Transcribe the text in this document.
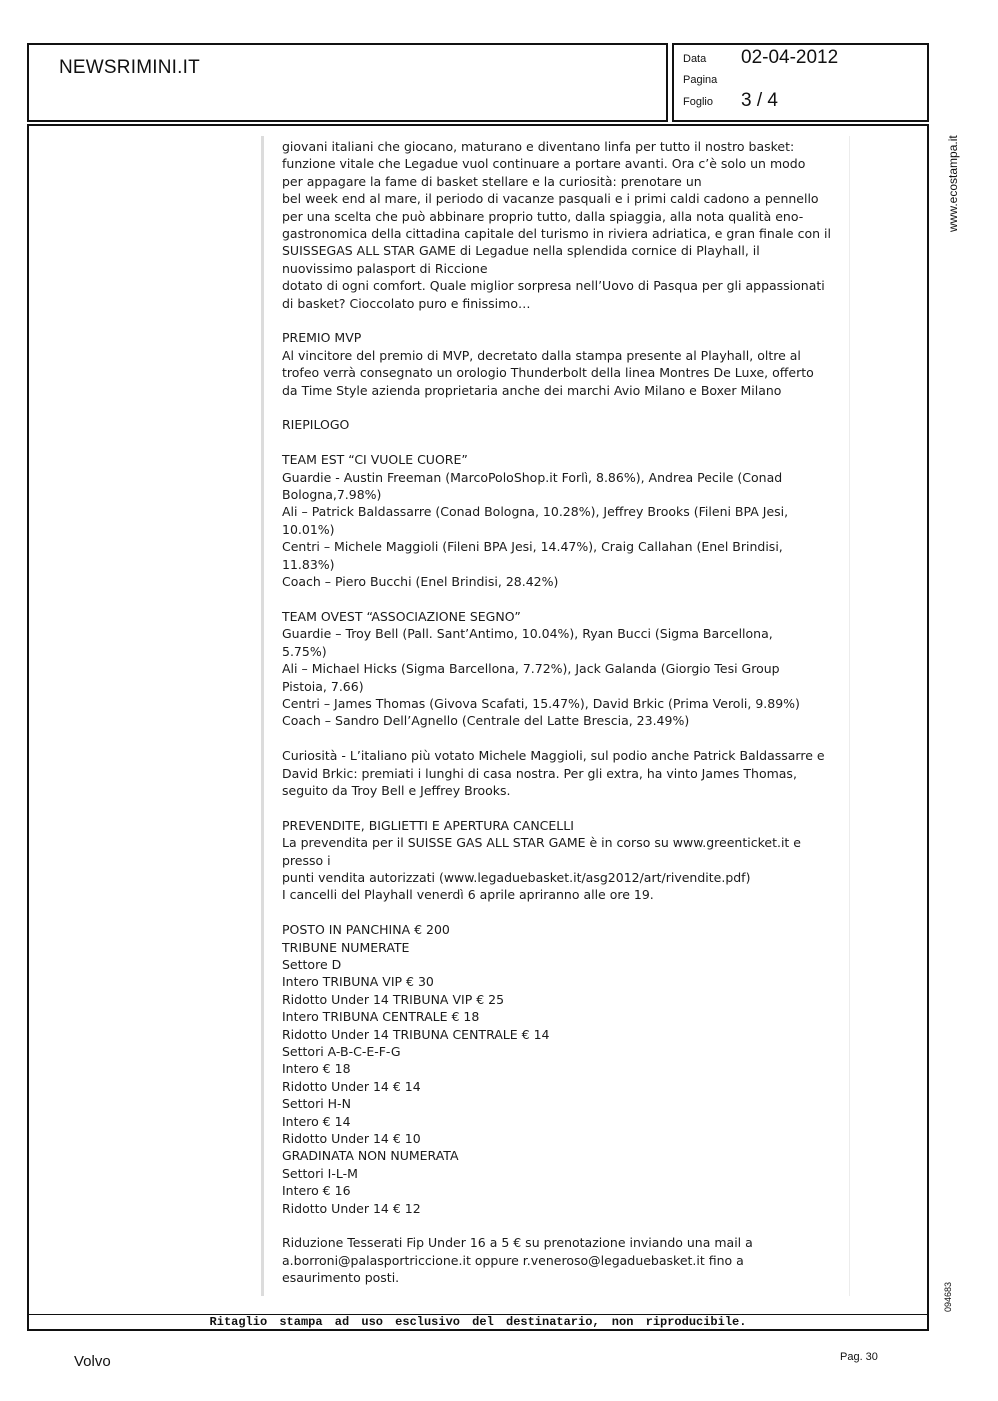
NEWSRIMINI.IT	Data 02-04-2012
Pagina
Foglio 3 / 4
Ritaglio stampa ad uso esclusivo del destinatario, non riproducibile.

giovani italiani che giocano, maturano e diventano linfa per tutto il nostro basket:
funzione vitale che Legadue vuol continuare a portare avanti. Ora c’è solo un modo
per appagare la fame di basket stellare e la curiosità: prenotare un
bel week end al mare, il periodo di vacanze pasquali e i primi caldi cadono a pennello
per una scelta che può abbinare proprio tutto, dalla spiaggia, alla nota qualità eno-
gastronomica della cittadina capitale del turismo in riviera adriatica, e gran finale con il
SUISSEGAS ALL STAR GAME di Legadue nella splendida cornice di Playhall, il
nuovissimo palasport di Riccione
dotato di ogni comfort. Quale miglior sorpresa nell’Uovo di Pasqua per gli appassionati
di basket? Cioccolato puro e finissimo…

PREMIO MVP
Al vincitore del premio di MVP, decretato dalla stampa presente al Playhall, oltre al
trofeo verrà consegnato un orologio Thunderbolt della linea Montres De Luxe, offerto
da Time Style azienda proprietaria anche dei marchi Avio Milano e Boxer Milano

RIEPILOGO

TEAM EST “CI VUOLE CUORE”
Guardie - Austin Freeman (MarcoPoloShop.it Forlì, 8.86%), Andrea Pecile (Conad
Bologna,7.98%)
Ali – Patrick Baldassarre (Conad Bologna, 10.28%), Jeffrey Brooks (Fileni BPA Jesi,
10.01%)
Centri – Michele Maggioli (Fileni BPA Jesi, 14.47%), Craig Callahan (Enel Brindisi,
11.83%)
Coach – Piero Bucchi (Enel Brindisi, 28.42%)

TEAM OVEST “ASSOCIAZIONE SEGNO”
Guardie – Troy Bell (Pall. Sant’Antimo, 10.04%), Ryan Bucci (Sigma Barcellona,
5.75%)
Ali – Michael Hicks (Sigma Barcellona, 7.72%), Jack Galanda (Giorgio Tesi Group
Pistoia, 7.66)
Centri – James Thomas (Givova Scafati, 15.47%), David Brkic (Prima Veroli, 9.89%)
Coach – Sandro Dell’Agnello (Centrale del Latte Brescia, 23.49%)

Curiosità - L’italiano più votato Michele Maggioli, sul podio anche Patrick Baldassarre e
David Brkic: premiati i lunghi di casa nostra. Per gli extra, ha vinto James Thomas,
seguito da Troy Bell e Jeffrey Brooks.

PREVENDITE, BIGLIETTI E APERTURA CANCELLI
La prevendita per il SUISSE GAS ALL STAR GAME è in corso su www.greenticket.it e
presso i
punti vendita autorizzati (www.legaduebasket.it/asg2012/art/rivendite.pdf)
I cancelli del Playhall venerdì 6 aprile apriranno alle ore 19.

POSTO IN PANCHINA € 200
TRIBUNE NUMERATE
Settore D
Intero TRIBUNA VIP € 30
Ridotto Under 14 TRIBUNA VIP € 25
Intero TRIBUNA CENTRALE € 18
Ridotto Under 14 TRIBUNA CENTRALE € 14
Settori A-B-C-E-F-G
Intero € 18
Ridotto Under 14 € 14
Settori H-N
Intero € 14
Ridotto Under 14 € 10
GRADINATA NON NUMERATA
Settori I-L-M
Intero € 16
Ridotto Under 14 € 12

Riduzione Tesserati Fip Under 16 a 5 € su prenotazione inviando una mail a
a.borroni@palasportriccione.it oppure r.veneroso@legaduebasket.it fino a
esaurimento posti.

www.ecostampa.it
094683
Volvo	Pag. 30
